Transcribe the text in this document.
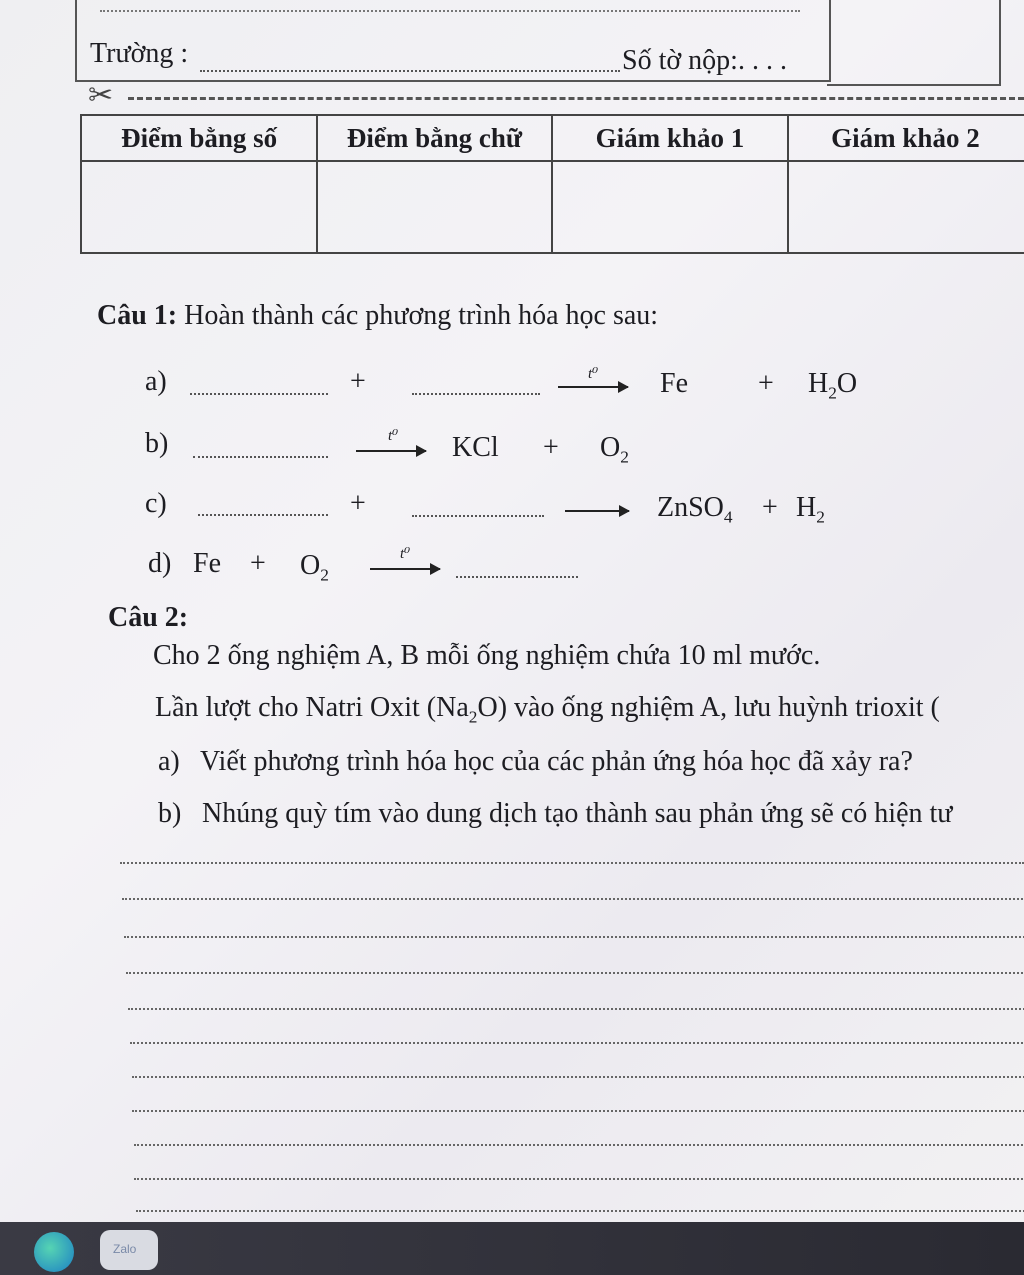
Trường :	Số tờ nộp:. . . .
✂
Điểm bằng số	Điểm bằng chữ	Giám khảo 1	Giám khảo 2

Câu 1: Hoàn thành các phương trình hóa học sau:
a)	+	t⁰ Fe	+ $H_2O$
b)	t⁰ KCl + $O_2$
c)	+	ZnSO$_4$ + $H_2$
d) $Fe + O_2$
t⁰
Câu 2:
Cho 2 ống nghiệm A, B mỗi ống nghiệm chứa 10 ml mước.
Lần lượt cho Natri Oxit $(Na_2O)$ vào ống nghiệm A, lưu huỳnh trioxit (
a) Viết phương trình hóa học của các phản ứng hóa học đã xảy ra?
b) Nhúng quỳ tím vào dung dịch tạo thành sau phản ứng sẽ có hiện tư
Zalo
